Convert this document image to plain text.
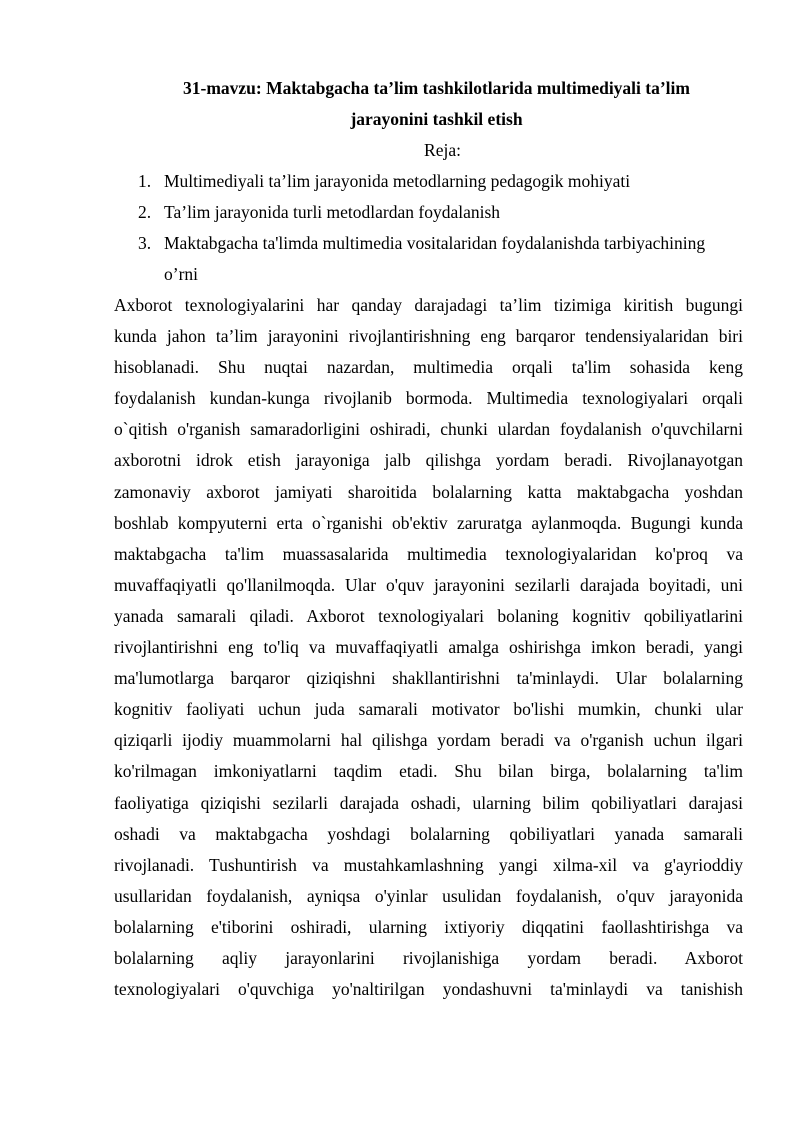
31-mavzu: Maktabgacha ta’lim tashkilotlarida multimediyali ta’lim
jarayonini tashkil etish

Reja:

1. Multimediyali ta’lim jarayonida metodlarning pedagogik mohiyati
2. Ta’lim jarayonida turli metodlardan foydalanish
3. Maktabgacha ta'limda multimedia vositalaridan foydalanishda tarbiyachining
o’rni

Axborot texnologiyalarini har qanday darajadagi ta’lim tizimiga kiritish bugungi
kunda jahon ta’lim jarayonini rivojlantirishning eng barqaror tendensiyalaridan biri
hisoblanadi. Shu nuqtai nazardan, multimedia orqali ta'lim sohasida keng
foydalanish kundan-kunga rivojlanib bormoda. Multimedia texnologiyalari orqali
o`qitish o'rganish samaradorligini oshiradi, chunki ulardan foydalanish o'quvchilarni
axborotni idrok etish jarayoniga jalb qilishga yordam beradi. Rivojlanayotgan
zamonaviy axborot jamiyati sharoitida bolalarning katta maktabgacha yoshdan
boshlab kompyuterni erta o`rganishi ob'ektiv zaruratga aylanmoqda. Bugungi kunda
maktabgacha ta'lim muassasalarida multimedia texnologiyalaridan ko'proq va
muvaffaqiyatli qo'llanilmoqda. Ular o'quv jarayonini sezilarli darajada boyitadi, uni
yanada samarali qiladi. Axborot texnologiyalari bolaning kognitiv qobiliyatlarini
rivojlantirishni eng to'liq va muvaffaqiyatli amalga oshirishga imkon beradi, yangi
ma'lumotlarga barqaror qiziqishni shakllantirishni ta'minlaydi. Ular bolalarning
kognitiv faoliyati uchun juda samarali motivator bo'lishi mumkin, chunki ular
qiziqarli ijodiy muammolarni hal qilishga yordam beradi va o'rganish uchun ilgari
ko'rilmagan imkoniyatlarni taqdim etadi. Shu bilan birga, bolalarning ta'lim
faoliyatiga qiziqishi sezilarli darajada oshadi, ularning bilim qobiliyatlari darajasi
oshadi va maktabgacha yoshdagi bolalarning qobiliyatlari yanada samarali
rivojlanadi. Tushuntirish va mustahkamlashning yangi xilma-xil va g'ayrioddiy
usullaridan foydalanish, ayniqsa o'yinlar usulidan foydalanish, o'quv jarayonida
bolalarning e'tiborini oshiradi, ularning ixtiyoriy diqqatini faollashtirishga va
bolalarning aqliy jarayonlarini rivojlanishiga yordam beradi. Axborot
texnologiyalari o'quvchiga yo'naltirilgan yondashuvni ta'minlaydi va tanishish
